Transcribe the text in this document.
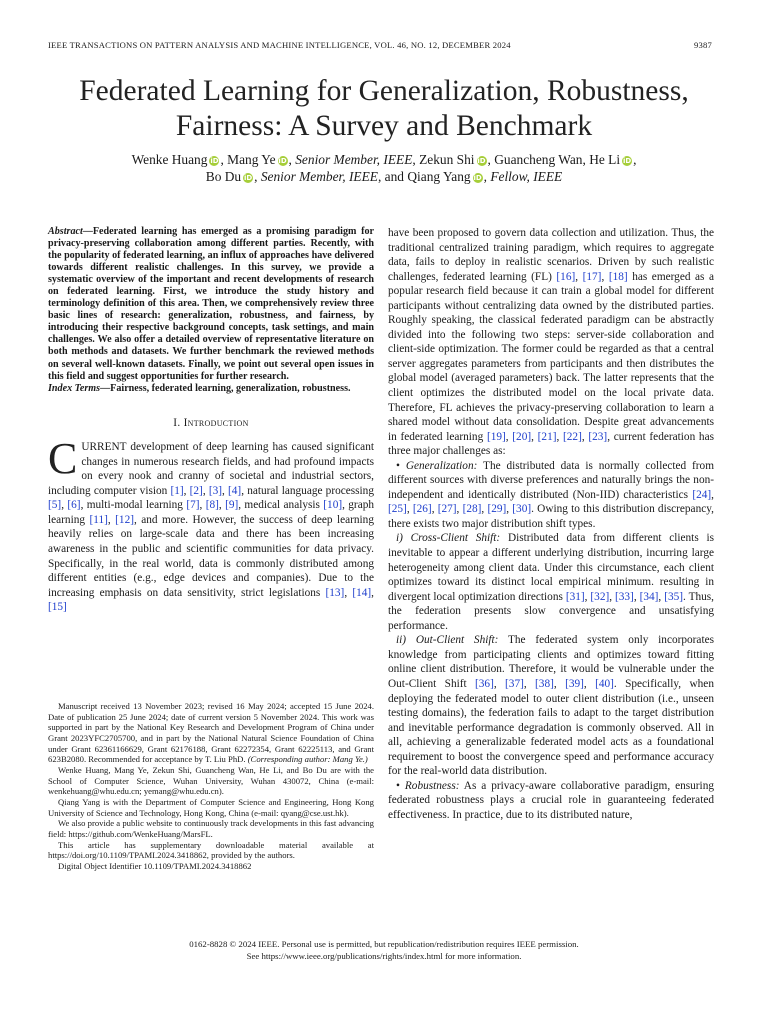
IEEE TRANSACTIONS ON PATTERN ANALYSIS AND MACHINE INTELLIGENCE, VOL. 46, NO. 12, DECEMBER 2024	9387
Federated Learning for Generalization, Robustness,
Fairness: A Survey and Benchmark
Wenke Huang iD , Mang Ye iD , Senior Member, IEEE, Zekun Shi iD , Guancheng Wan, He Li iD ,
Bo Du iD , Senior Member, IEEE, and Qiang Yang iD , Fellow, IEEE

Abstract—Federated learning has emerged as a promising paradigm for privacy-preserving collaboration among different parties. Recently, with the popularity of federated learning, an influx of approaches have delivered towards different realistic challenges. In this survey, we provide a systematic overview of the important and recent developments of research on federated learning. First, we introduce the study history and terminology definition of this area. Then, we comprehensively review three basic lines of research: generalization, robustness, and fairness, by introducing their respective background concepts, task settings, and main challenges. We also offer a detailed overview of representative literature on both methods and datasets. We further benchmark the reviewed methods on several well-known datasets. Finally, we point out several open issues in this field and suggest opportunities for further research.

Index Terms—Fairness, federated learning, generalization, robustness.

I. Introduction

CURRENT development of deep learning has caused significant changes in numerous research fields, and had profound impacts on every nook and cranny of societal and industrial sectors, including computer vision [1], [2], [3], [4], natural language processing [5], [6], multi-modal learning [7], [8], [9], medical analysis [10], graph learning [11], [12], and more. However, the success of deep learning heavily relies on large-scale data and there has been increasing awareness in the public and scientific communities for data privacy. Specifically, in the real world, data is commonly distributed among different entities (e.g., edge devices and companies). Due to the increasing emphasis on data sensitivity, strict legislations [13], [14], [15]

Manuscript received 13 November 2023; revised 16 May 2024; accepted 15 June 2024. Date of publication 25 June 2024; date of current version 5 November 2024. This work was supported in part by the National Key Research and Development Program of China under Grant 2023YFC2705700, and in part by the National Natural Science Foundation of China under Grant 62361166629, Grant 62176188, Grant 62272354, Grant 62225113, and Grant 623B2080. Recommended for acceptance by T. Liu PhD. (Corresponding author: Mang Ye.)

Wenke Huang, Mang Ye, Zekun Shi, Guancheng Wan, He Li, and Bo Du are with the School of Computer Science, Wuhan University, Wuhan 430072, China (e-mail: wenkehuang@whu.edu.cn; yemang@whu.edu.cn).

Qiang Yang is with the Department of Computer Science and Engineering, Hong Kong University of Science and Technology, Hong Kong, China (e-mail: qyang@cse.ust.hk).

We also provide a public website to continuously track developments in this fast advancing field: https://github.com/WenkeHuang/MarsFL.

This article has supplementary downloadable material available at https://doi.org/10.1109/TPAMI.2024.3418862, provided by the authors.

Digital Object Identifier 10.1109/TPAMI.2024.3418862

have been proposed to govern data collection and utilization. Thus, the traditional centralized training paradigm, which requires to aggregate data, fails to deploy in realistic scenarios. Driven by such realistic challenges, federated learning (FL) [16], [17], [18] has emerged as a popular research field because it can train a global model for different participants without centralizing data owned by the distributed parties. Roughly speaking, the classical federated paradigm can be abstractly divided into the following two steps: server-side collaboration and client-side optimization. The former could be regarded as that a central server aggregates parameters from participants and then distributes the global model (averaged parameters) back. The latter represents that the client optimizes the distributed model on the local private data. Therefore, FL achieves the privacy-preserving collaboration to learn a shared model without data consolidation. Despite great advancements in federated learning [19], [20], [21], [22], [23], current federation has three major challenges as:

• Generalization: The distributed data is normally collected from different sources with diverse preferences and naturally brings the non-independent and identically distributed (Non-IID) characteristics [24], [25], [26], [27], [28], [29], [30]. Owing to this distribution discrepancy, there exists two major distribution shift types.

i) Cross-Client Shift: Distributed data from different clients is inevitable to appear a different underlying distribution, incurring large heterogeneity among client data. Under this circumstance, each client optimizes toward its distinct local empirical minimum. resulting in divergent local optimization directions [31], [32], [33], [34], [35]. Thus, the federation presents slow convergence and unsatisfying performance.

ii) Out-Client Shift: The federated system only incorporates knowledge from participating clients and optimizes toward fitting online client distribution. Therefore, it would be vulnerable under the Out-Client Shift [36], [37], [38], [39], [40]. Specifically, when deploying the federated model to outer client distribution (i.e., unseen testing domains), the federation fails to adapt to the target distribution and inevitable performance degradation is commonly observed. All in all, achieving a generalizable federated model acts as a foundational requirement to boost the convergence speed and performance accuracy for the real-world data distribution.

• Robustness: As a privacy-aware collaborative paradigm, ensuring federated robustness plays a crucial role in guaranteeing federated effectiveness. In practice, due to its distributed nature,

0162-8828 © 2024 IEEE. Personal use is permitted, but republication/redistribution requires IEEE permission.
See https://www.ieee.org/publications/rights/index.html for more information.
